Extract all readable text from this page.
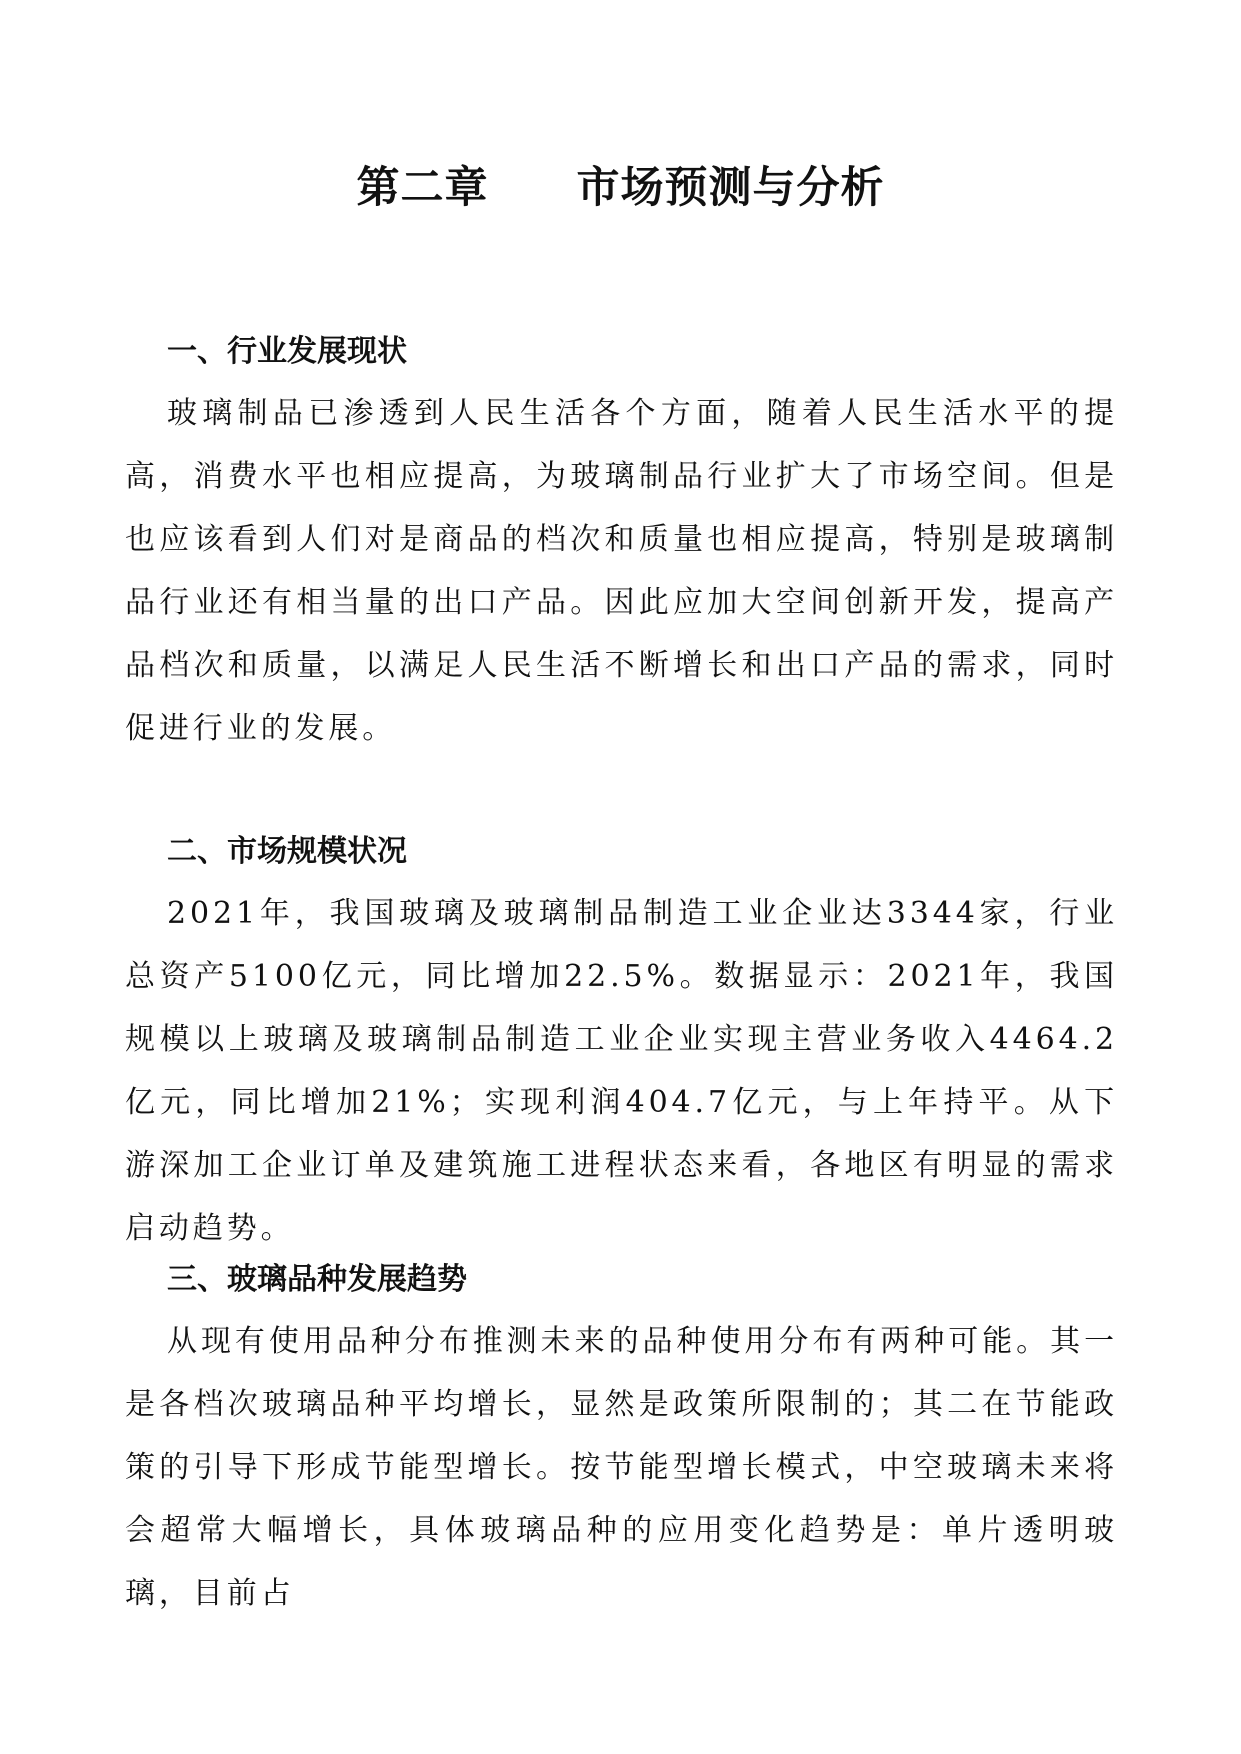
第二章　　市场预测与分析
一、行业发展现状

玻璃制品已渗透到人民生活各个方面，随着人民生活水平的提高，消费水平也相应提高，为玻璃制品行业扩大了市场空间。但是也应该看到人们对是商品的档次和质量也相应提高，特别是玻璃制品行业还有相当量的出口产品。因此应加大空间创新开发，提高产品档次和质量，以满足人民生活不断增长和出口产品的需求，同时促进行业的发展。

二、市场规模状况

2021年，我国玻璃及玻璃制品制造工业企业达3344家，行业总资产5100亿元，同比增加22.5%。数据显示：2021年，我国规模以上玻璃及玻璃制品制造工业企业实现主营业务收入4464.2亿元，同比增加21%；实现利润404.7亿元，与上年持平。从下游深加工企业订单及建筑施工进程状态来看，各地区有明显的需求启动趋势。

三、玻璃品种发展趋势

从现有使用品种分布推测未来的品种使用分布有两种可能。其一是各档次玻璃品种平均增长，显然是政策所限制的；其二在节能政策的引导下形成节能型增长。按节能型增长模式，中空玻璃未来将会超常大幅增长，具体玻璃品种的应用变化趋势是：单片透明玻璃，目前占
